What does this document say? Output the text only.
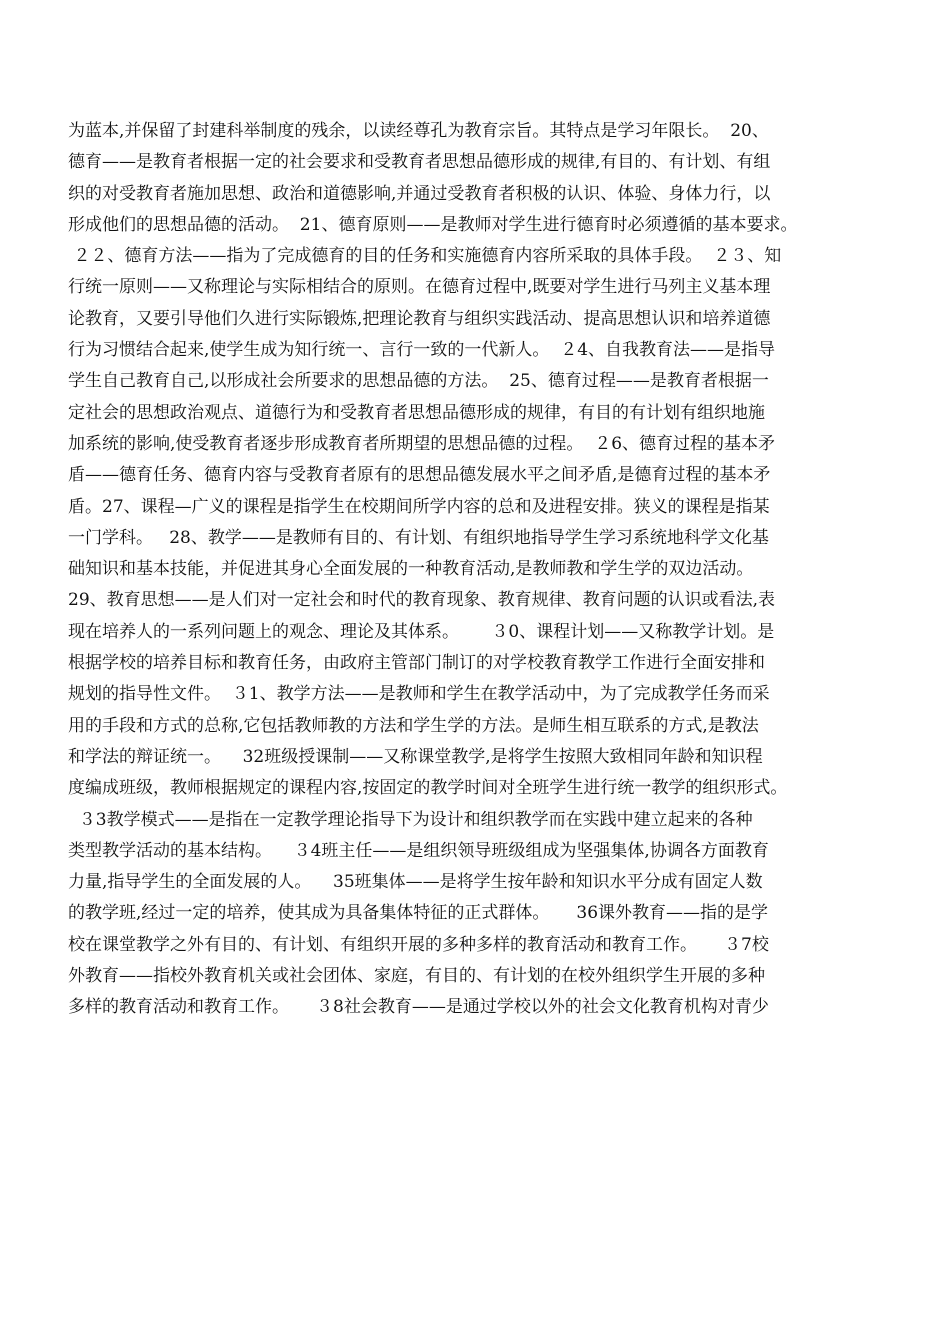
为蓝本,并保留了封建科举制度的残余，以读经尊孔为教育宗旨。其特点是学习年限长。  20、
德育——是教育者根据一定的社会要求和受教育者思想品德形成的规律,有目的、有计划、有组
织的对受教育者施加思想、政治和道德影响,并通过受教育者积极的认识、体验、身体力行，以
形成他们的思想品德的活动。  21、德育原则——是教师对学生进行德育时必须遵循的基本要求。
２２、德育方法——指为了完成德育的目的任务和实施德育内容所采取的具体手段。  ２３、知
行统一原则——又称理论与实际相结合的原则。在德育过程中,既要对学生进行马列主义基本理
论教育，又要引导他们久进行实际锻炼,把理论教育与组织实践活动、提高思想认识和培养道德
行为习惯结合起来,使学生成为知行统一、言行一致的一代新人。  ２4、自我教育法——是指导
学生自己教育自己,以形成社会所要求的思想品德的方法。  25、德育过程——是教育者根据一
定社会的思想政治观点、道德行为和受教育者思想品德形成的规律，有目的有计划有组织地施
加系统的影响,使受教育者逐步形成教育者所期望的思想品德的过程。  ２6、德育过程的基本矛
盾——德育任务、德育内容与受教育者原有的思想品德发展水平之间矛盾,是德育过程的基本矛
盾。27、课程—广义的课程是指学生在校期间所学内容的总和及进程安排。狭义的课程是指某
一门学科。   28、教学——是教师有目的、有计划、有组织地指导学生学习系统地科学文化基
础知识和基本技能，并促进其身心全面发展的一种教育活动,是教师教和学生学的双边活动。
29、教育思想——是人们对一定社会和时代的教育现象、教育规律、教育问题的认识或看法,表
现在培养人的一系列问题上的观念、理论及其体系。      ３0、课程计划——又称教学计划。是
根据学校的培养目标和教育任务，由政府主管部门制订的对学校教育教学工作进行全面安排和
规划的指导性文件。  ３1、教学方法——是教师和学生在教学活动中，为了完成教学任务而采
用的手段和方式的总称,它包括教师教的方法和学生学的方法。是师生相互联系的方式,是教法
和学法的辩证统一。    32班级授课制——又称课堂教学,是将学生按照大致相同年龄和知识程
度编成班级，教师根据规定的课程内容,按固定的教学时间对全班学生进行统一教学的组织形式。
３3教学模式——是指在一定教学理论指导下为设计和组织教学而在实践中建立起来的各种
类型教学活动的基本结构。    ３4班主任——是组织领导班级组成为坚强集体,协调各方面教育
力量,指导学生的全面发展的人。    35班集体——是将学生按年龄和知识水平分成有固定人数
的教学班,经过一定的培养，使其成为具备集体特征的正式群体。     36课外教育——指的是学
校在课堂教学之外有目的、有计划、有组织开展的多种多样的教育活动和教育工作。     ３7校
外教育——指校外教育机关或社会团体、家庭，有目的、有计划的在校外组织学生开展的多种
多样的教育活动和教育工作。     ３8社会教育——是通过学校以外的社会文化教育机构对青少
